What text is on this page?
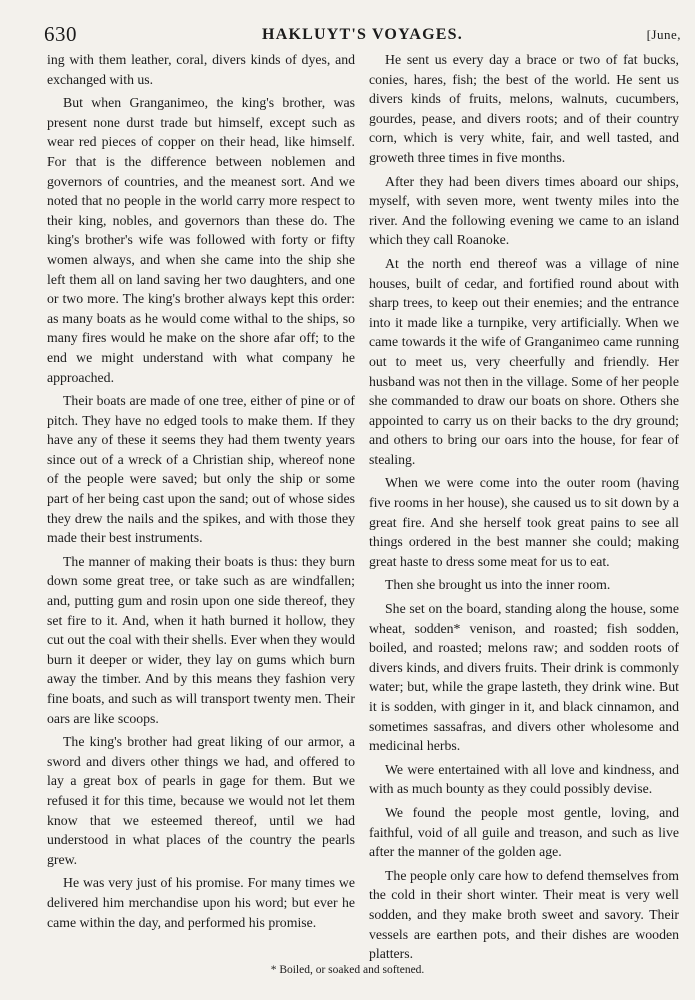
630	HAKLUYT'S VOYAGES.	[June,

ing with them leather, coral, divers kinds of dyes, and exchanged with us.

But when Granganimeo, the king's brother, was present none durst trade but himself, except such as wear red pieces of copper on their head, like himself. For that is the difference between noblemen and governors of countries, and the meanest sort. And we noted that no people in the world carry more respect to their king, nobles, and governors than these do. The king's brother's wife was followed with forty or fifty women always, and when she came into the ship she left them all on land saving her two daughters, and one or two more. The king's brother always kept this order: as many boats as he would come withal to the ships, so many fires would he make on the shore afar off; to the end we might understand with what company he approached.

Their boats are made of one tree, either of pine or of pitch. They have no edged tools to make them. If they have any of these it seems they had them twenty years since out of a wreck of a Christian ship, whereof none of the people were saved; but only the ship or some part of her being cast upon the sand; out of whose sides they drew the nails and the spikes, and with those they made their best instruments.

The manner of making their boats is thus: they burn down some great tree, or take such as are windfallen; and, putting gum and rosin upon one side thereof, they set fire to it. And, when it hath burned it hollow, they cut out the coal with their shells. Ever when they would burn it deeper or wider, they lay on gums which burn away the timber. And by this means they fashion very fine boats, and such as will transport twenty men. Their oars are like scoops.

The king's brother had great liking of our armor, a sword and divers other things we had, and offered to lay a great box of pearls in gage for them. But we refused it for this time, because we would not let them know that we esteemed thereof, until we had understood in what places of the country the pearls grew.

He was very just of his promise. For many times we delivered him merchandise upon his word; but ever he came within the day, and performed his promise.

He sent us every day a brace or two of fat bucks, conies, hares, fish; the best of the world. He sent us divers kinds of fruits, melons, walnuts, cucumbers, gourdes, pease, and divers roots; and of their country corn, which is very white, fair, and well tasted, and groweth three times in five months.

After they had been divers times aboard our ships, myself, with seven more, went twenty miles into the river. And the following evening we came to an island which they call Roanoke.

At the north end thereof was a village of nine houses, built of cedar, and fortified round about with sharp trees, to keep out their enemies; and the entrance into it made like a turnpike, very artificially. When we came towards it the wife of Granganimeo came running out to meet us, very cheerfully and friendly. Her husband was not then in the village. Some of her people she commanded to draw our boats on shore. Others she appointed to carry us on their backs to the dry ground; and others to bring our oars into the house, for fear of stealing.

When we were come into the outer room (having five rooms in her house), she caused us to sit down by a great fire. And she herself took great pains to see all things ordered in the best manner she could; making great haste to dress some meat for us to eat.

Then she brought us into the inner room.

She set on the board, standing along the house, some wheat, sodden* venison, and roasted; fish sodden, boiled, and roasted; melons raw; and sodden roots of divers kinds, and divers fruits. Their drink is commonly water; but, while the grape lasteth, they drink wine. But it is sodden, with ginger in it, and black cinnamon, and sometimes sassafras, and divers other wholesome and medicinal herbs.

We were entertained with all love and kindness, and with as much bounty as they could possibly devise.

We found the people most gentle, loving, and faithful, void of all guile and treason, and such as live after the manner of the golden age.

The people only care how to defend themselves from the cold in their short winter. Their meat is very well sodden, and they make broth sweet and savory. Their vessels are earthen pots, and their dishes are wooden platters.

* Boiled, or soaked and softened.
